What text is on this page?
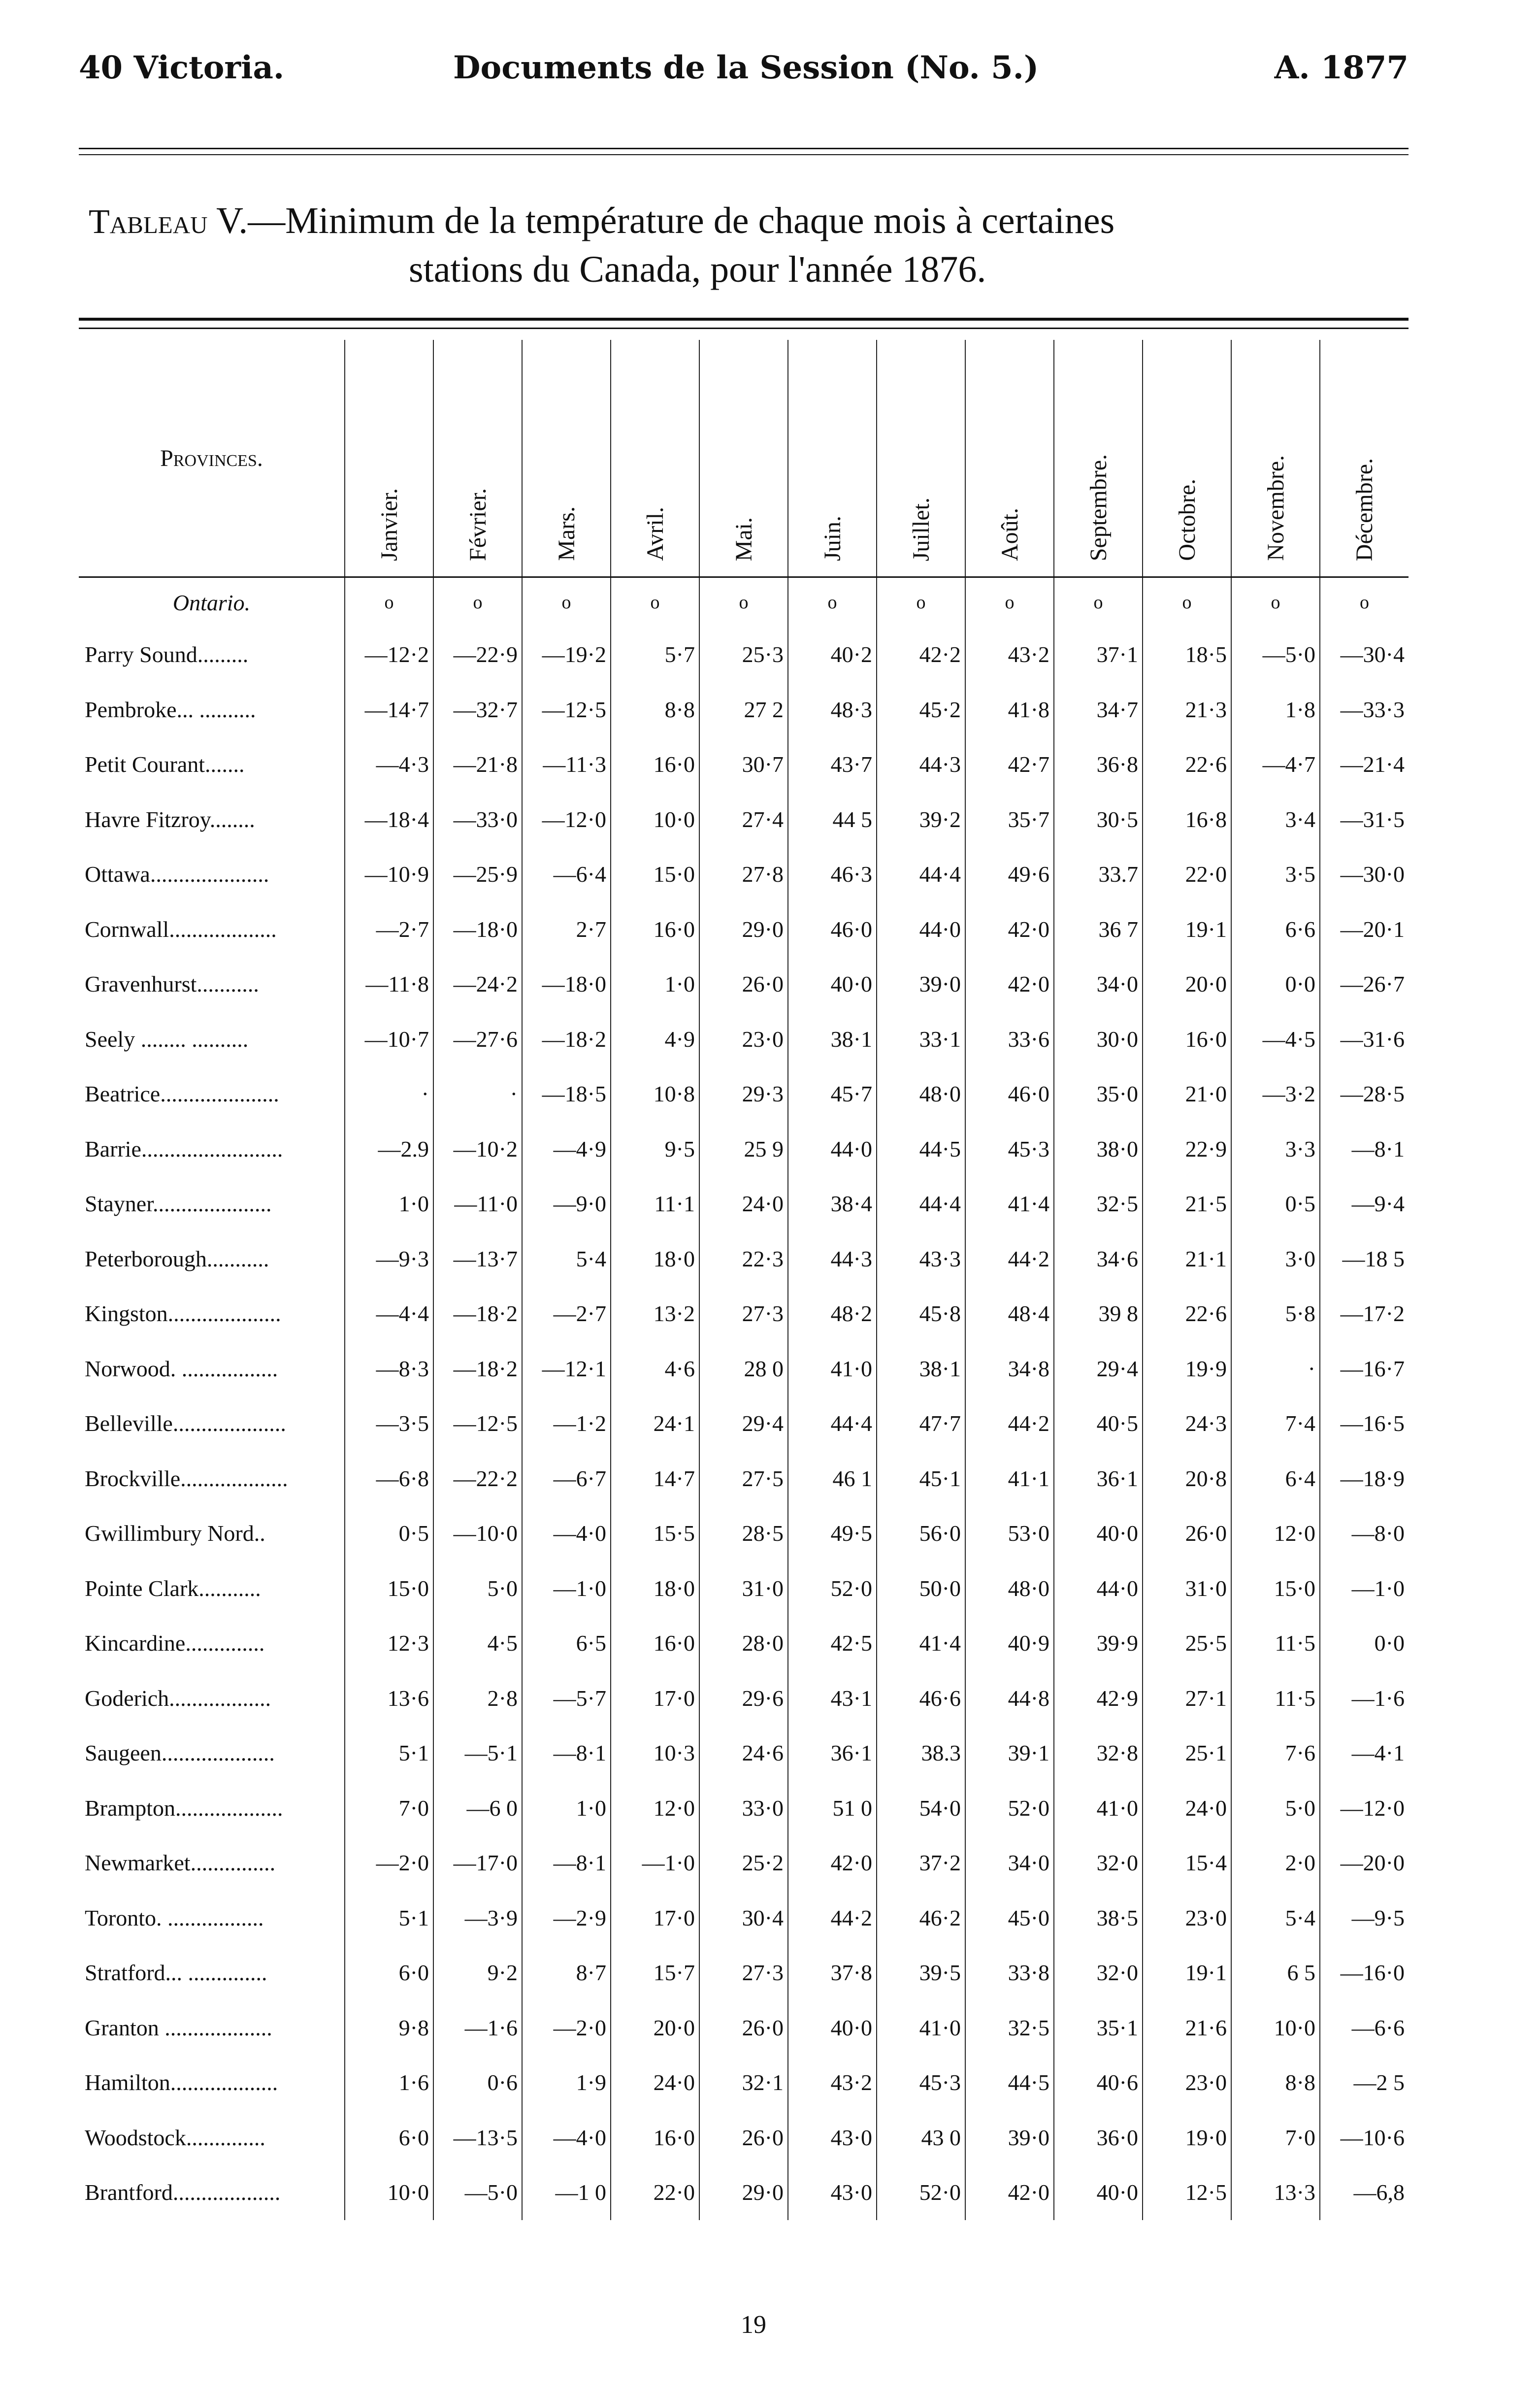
40 Victoria.	Documents de la Session (No. 5.)	A. 1877
Tableau V.—Minimum de la température de chaque mois à certaines
stations du Canada, pour l'année 1876.
Provinces.	Janvier.	Février.	Mars.	Avril.	Mai.	Juin.	Juillet.	Août.	Septembre.	Octobre.	Novembre.	Décembre.
Ontario.	o	o	o	o	o	o	o	o	o	o	o	o
Parry Sound.........	—12·2	—22·9	—19·2	5·7	25·3	40·2	42·2	43·2	37·1	18·5	—5·0	—30·4
Pembroke... ..........	—14·7	—32·7	—12·5	8·8	27 2	48·3	45·2	41·8	34·7	21·3	1·8	—33·3
Petit Courant.......	—4·3	—21·8	—11·3	16·0	30·7	43·7	44·3	42·7	36·8	22·6	—4·7	—21·4
Havre Fitzroy........	—18·4	—33·0	—12·0	10·0	27·4	44 5	39·2	35·7	30·5	16·8	3·4	—31·5
Ottawa.....................	—10·9	—25·9	—6·4	15·0	27·8	46·3	44·4	49·6	33.7	22·0	3·5	—30·0
Cornwall...................	—2·7	—18·0	2·7	16·0	29·0	46·0	44·0	42·0	36 7	19·1	6·6	—20·1
Gravenhurst...........	—11·8	—24·2	—18·0	1·0	26·0	40·0	39·0	42·0	34·0	20·0	0·0	—26·7
Seely ........ ..........	—10·7	—27·6	—18·2	4·9	23·0	38·1	33·1	33·6	30·0	16·0	—4·5	—31·6
Beatrice.....................	·	·	—18·5	10·8	29·3	45·7	48·0	46·0	35·0	21·0	—3·2	—28·5
Barrie.........................	—2.9	—10·2	—4·9	9·5	25 9	44·0	44·5	45·3	38·0	22·9	3·3	—8·1
Stayner.....................	1·0	—11·0	—9·0	11·1	24·0	38·4	44·4	41·4	32·5	21·5	0·5	—9·4
Peterborough...........	—9·3	—13·7	5·4	18·0	22·3	44·3	43·3	44·2	34·6	21·1	3·0	—18 5
Kingston....................	—4·4	—18·2	—2·7	13·2	27·3	48·2	45·8	48·4	39 8	22·6	5·8	—17·2
Norwood. .................	—8·3	—18·2	—12·1	4·6	28 0	41·0	38·1	34·8	29·4	19·9	·	—16·7
Belleville....................	—3·5	—12·5	—1·2	24·1	29·4	44·4	47·7	44·2	40·5	24·3	7·4	—16·5
Brockville...................	—6·8	—22·2	—6·7	14·7	27·5	46 1	45·1	41·1	36·1	20·8	6·4	—18·9
Gwillimbury Nord..	0·5	—10·0	—4·0	15·5	28·5	49·5	56·0	53·0	40·0	26·0	12·0	—8·0
Pointe Clark...........	15·0	5·0	—1·0	18·0	31·0	52·0	50·0	48·0	44·0	31·0	15·0	—1·0
Kincardine..............	12·3	4·5	6·5	16·0	28·0	42·5	41·4	40·9	39·9	25·5	11·5	0·0
Goderich..................	13·6	2·8	—5·7	17·0	29·6	43·1	46·6	44·8	42·9	27·1	11·5	—1·6
Saugeen....................	5·1	—5·1	—8·1	10·3	24·6	36·1	38.3	39·1	32·8	25·1	7·6	—4·1
Brampton...................	7·0	—6 0	1·0	12·0	33·0	51 0	54·0	52·0	41·0	24·0	5·0	—12·0
Newmarket...............	—2·0	—17·0	—8·1	—1·0	25·2	42·0	37·2	34·0	32·0	15·4	2·0	—20·0
Toronto. .................	5·1	—3·9	—2·9	17·0	30·4	44·2	46·2	45·0	38·5	23·0	5·4	—9·5
Stratford... ..............	6·0	9·2	8·7	15·7	27·3	37·8	39·5	33·8	32·0	19·1	6 5	—16·0
Granton ...................	9·8	—1·6	—2·0	20·0	26·0	40·0	41·0	32·5	35·1	21·6	10·0	—6·6
Hamilton...................	1·6	0·6	1·9	24·0	32·1	43·2	45·3	44·5	40·6	23·0	8·8	—2 5
Woodstock..............	6·0	—13·5	—4·0	16·0	26·0	43·0	43 0	39·0	36·0	19·0	7·0	—10·6
Brantford...................	10·0	—5·0	—1 0	22·0	29·0	43·0	52·0	42·0	40·0	12·5	13·3	—6,8
19
